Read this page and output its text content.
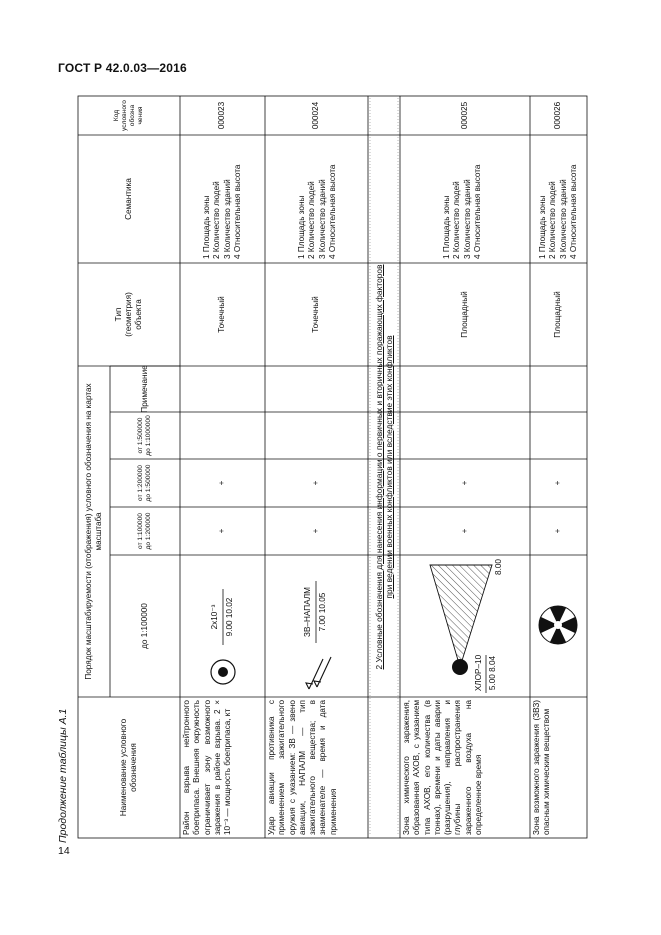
ГОСТ Р 42.0.03—2016
14
Продолжение таблицы А.1	Наименование условного обозначения
Порядок масштабируемости (отображения) условного обозначения на картах масштаба
до 1:100000
от 1:100000 до 1:200000
от 1:200000 до 1:500000
от 1:500000 до 1:1000000
Примечание
Тип (геометрия) объекта
Семантика
Код условного обозна чения
Район взрыва нейтронного боеприпаса. Внешняя окружность ограничивает зону возможного заражения в районе взрыва. 2 × 10⁻³ — мощность боеприпаса, кт
2х10⁻³ 9.00 10.02
+
+
Точечный
1 Площадь зоны 2 Количество людей 3 Количество зданий 4 Относительная высота
000023
Удар авиации противника с применением зажигательного оружия с указанием: ЗВ — звено авиации, НАПАЛМ — тип зажигательного вещества; в знаменателе — время и дата применения
ЗВ–НАПАЛМ 7.00 10.05
+
+
Точечный
1 Площадь зоны 2 Количество людей 3 Количество зданий 4 Относительная высота
000024
2 Условные обозначения для нанесения информации о первичных и вторичных поражающих факторов при ведении военных конфликтов или вследствие этих конфликтов
Зона химического заражения, образованная АХОВ, с указанием типа АХОВ, его количества (в тоннах), времени и даты аварии (разрушения), направления и глубины распространения зараженного воздуха на определенное время
ХЛОР–10 5.00 8.04
8.00
+
+
Площадный
1 Площадь зоны 2 Количество людей 3 Количество зданий 4 Относительная высота
000025
Зона возможного заражения (ЗВЗ) опасным химическим веществом
+
+
Площадный
1 Площадь зоны 2 Количество людей 3 Количество зданий 4 Относительная высота
000026
